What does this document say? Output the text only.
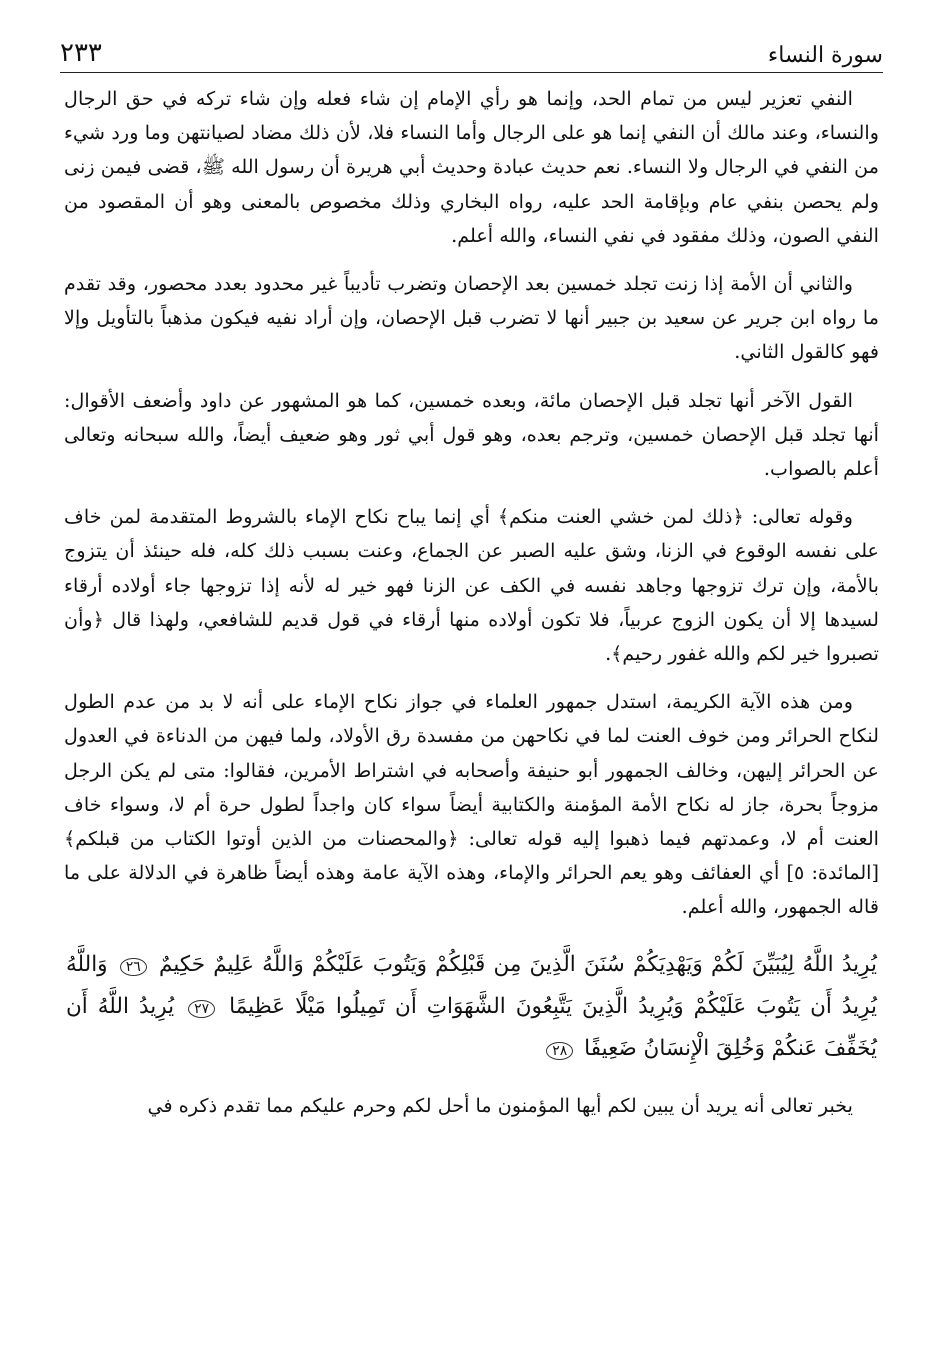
سورة النساء
٢٣٣

النفي تعزير ليس من تمام الحد، وإنما هو رأي الإمام إن شاء فعله وإن شاء تركه في حق الرجال والنساء، وعند مالك أن النفي إنما هو على الرجال وأما النساء فلا، لأن ذلك مضاد لصيانتهن وما ورد شيء من النفي في الرجال ولا النساء. نعم حديث عبادة وحديث أبي هريرة أن رسول الله ﷺ، قضى فيمن زنى ولم يحصن بنفي عام وبإقامة الحد عليه، رواه البخاري وذلك مخصوص بالمعنى وهو أن المقصود من النفي الصون، وذلك مفقود في نفي النساء، والله أعلم.

والثاني أن الأمة إذا زنت تجلد خمسين بعد الإحصان وتضرب تأديباً غير محدود بعدد محصور، وقد تقدم ما رواه ابن جرير عن سعيد بن جبير أنها لا تضرب قبل الإحصان، وإن أراد نفيه فيكون مذهباً بالتأويل وإلا فهو كالقول الثاني.

القول الآخر أنها تجلد قبل الإحصان مائة، وبعده خمسين، كما هو المشهور عن داود وأضعف الأقوال: أنها تجلد قبل الإحصان خمسين، وترجم بعده، وهو قول أبي ثور وهو ضعيف أيضاً، والله سبحانه وتعالى أعلم بالصواب.

وقوله تعالى: ﴿ذلك لمن خشي العنت منكم﴾ أي إنما يباح نكاح الإماء بالشروط المتقدمة لمن خاف على نفسه الوقوع في الزنا، وشق عليه الصبر عن الجماع، وعنت بسبب ذلك كله، فله حينئذ أن يتزوج بالأمة، وإن ترك تزوجها وجاهد نفسه في الكف عن الزنا فهو خير له لأنه إذا تزوجها جاء أولاده أرقاء لسيدها إلا أن يكون الزوج عربياً، فلا تكون أولاده منها أرقاء في قول قديم للشافعي، ولهذا قال ﴿وأن تصبروا خير لكم والله غفور رحيم﴾.

ومن هذه الآية الكريمة، استدل جمهور العلماء في جواز نكاح الإماء على أنه لا بد من عدم الطول لنكاح الحرائر ومن خوف العنت لما في نكاحهن من مفسدة رق الأولاد، ولما فيهن من الدناءة في العدول عن الحرائر إليهن، وخالف الجمهور أبو حنيفة وأصحابه في اشتراط الأمرين، فقالوا: متى لم يكن الرجل مزوجاً بحرة، جاز له نكاح الأمة المؤمنة والكتابية أيضاً سواء كان واجداً لطول حرة أم لا، وسواء خاف العنت أم لا، وعمدتهم فيما ذهبوا إليه قوله تعالى: ﴿والمحصنات من الذين أوتوا الكتاب من قبلكم﴾ [المائدة: ٥] أي العفائف وهو يعم الحرائر والإماء، وهذه الآية عامة وهذه أيضاً ظاهرة في الدلالة على ما قاله الجمهور، والله أعلم.

يُرِيدُ اللَّهُ لِيُبَيِّنَ لَكُمْ وَيَهْدِيَكُمْ سُنَنَ الَّذِينَ مِن قَبْلِكُمْ وَيَتُوبَ عَلَيْكُمْ وَاللَّهُ عَلِيمٌ حَكِيمٌ ٢٦ وَاللَّهُ يُرِيدُ أَن يَتُوبَ عَلَيْكُمْ وَيُرِيدُ الَّذِينَ يَتَّبِعُونَ الشَّهَوَاتِ أَن تَمِيلُوا مَيْلًا عَظِيمًا ٢٧ يُرِيدُ اللَّهُ أَن يُخَفِّفَ عَنكُمْ وَخُلِقَ الْإِنسَانُ ضَعِيفًا ٢٨

يخبر تعالى أنه يريد أن يبين لكم أيها المؤمنون ما أحل لكم وحرم عليكم مما تقدم ذكره في
